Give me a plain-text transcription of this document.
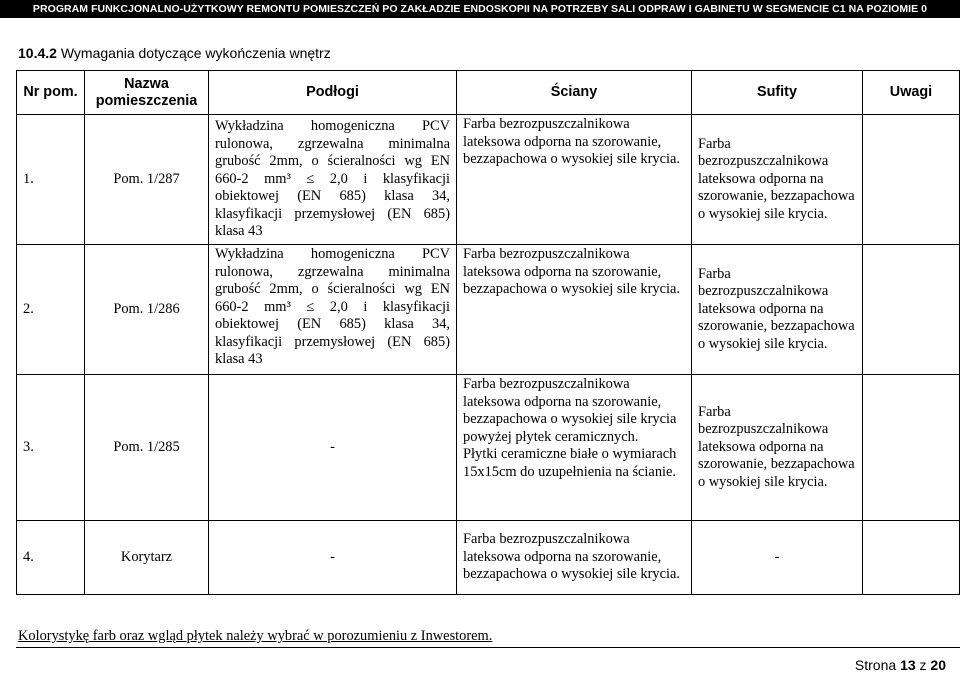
PROGRAM FUNKCJONALNO-UŻYTKOWY REMONTU POMIESZCZEŃ PO ZAKŁADZIE ENDOSKOPII NA POTRZEBY SALI ODPRAW I GABINETU W SEGMENCIE C1 NA POZIOMIE 0
10.4.2 Wymagania dotyczące wykończenia wnętrz
Nr pom.	Nazwa pomieszczenia	Podłogi	Ściany	Sufity	Uwagi
1.	Pom. 1/287	Wykładzina homogeniczna PCV rulonowa, zgrzewalna minimalna grubość 2mm, o ścieralności wg EN 660-2 mm³ ≤ 2,0 i klasyfikacji obiektowej (EN 685) klasa 34, klasyfikacji przemysłowej (EN 685) klasa 43	Farba bezrozpuszczalnikowa lateksowa odporna na szorowanie, bezzapachowa o wysokiej sile krycia.	Farba bezrozpuszczalnikowa lateksowa odporna na szorowanie, bezzapachowa o wysokiej sile krycia.	
2.	Pom. 1/286	Wykładzina homogeniczna PCV rulonowa, zgrzewalna minimalna grubość 2mm, o ścieralności wg EN 660-2 mm³ ≤ 2,0 i klasyfikacji obiektowej (EN 685) klasa 34, klasyfikacji przemysłowej (EN 685) klasa 43	Farba bezrozpuszczalnikowa lateksowa odporna na szorowanie, bezzapachowa o wysokiej sile krycia.	Farba bezrozpuszczalnikowa lateksowa odporna na szorowanie, bezzapachowa o wysokiej sile krycia.	
3.	Pom. 1/285	-	Farba bezrozpuszczalnikowa lateksowa odporna na szorowanie, bezzapachowa o wysokiej sile krycia powyżej płytek ceramicznych.
Płytki ceramiczne białe o wymiarach 15x15cm do uzupełnienia na ścianie.	Farba bezrozpuszczalnikowa lateksowa odporna na szorowanie, bezzapachowa o wysokiej sile krycia.	
4.	Korytarz	-	Farba bezrozpuszczalnikowa lateksowa odporna na szorowanie, bezzapachowa o wysokiej sile krycia.	-	
Kolorystykę farb oraz wgląd płytek należy wybrać w porozumieniu z Inwestorem.
Strona 13 z 20
